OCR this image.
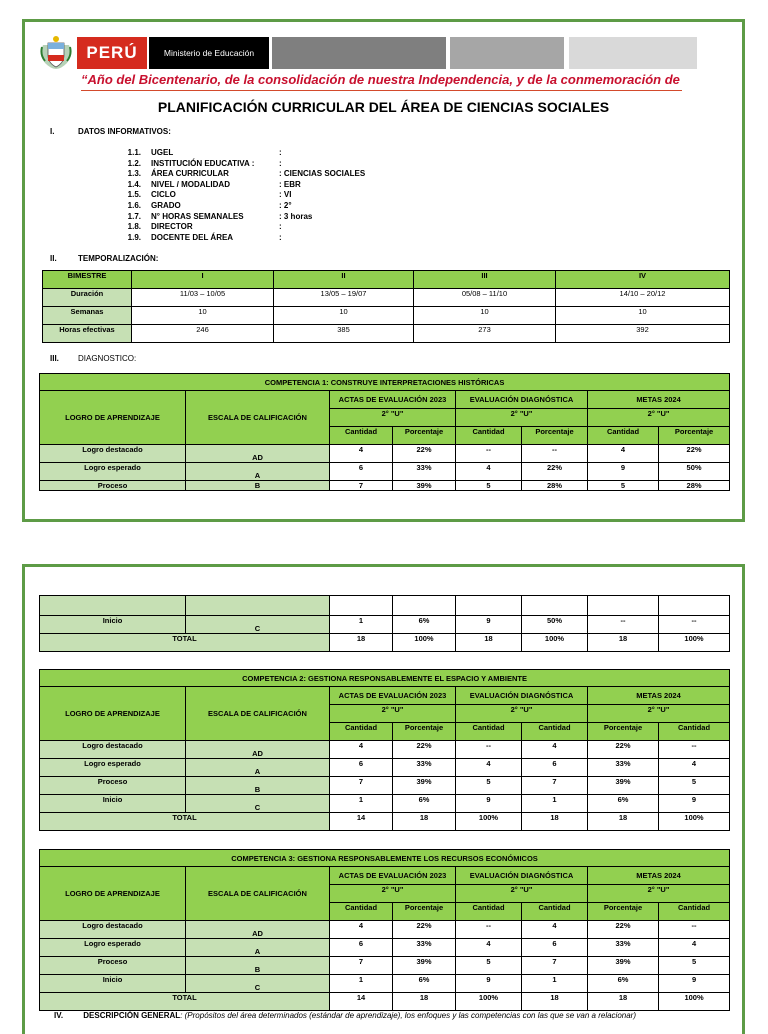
PERÚ	Ministerio de Educación
“Año del Bicentenario, de la consolidación de nuestra Independencia, y de la conmemoración de
PLANIFICACIÓN CURRICULAR DEL ÁREA DE CIENCIAS SOCIALES
I.	DATOS INFORMATIVOS:
1.1. UGEL	:
1.2. INSTITUCIÓN EDUCATIVA :	:
1.3. ÁREA CURRICULAR	: CIENCIAS SOCIALES
1.4. NIVEL / MODALIDAD	: EBR
1.5. CICLO	: VI
1.6. GRADO	: 2°
1.7. N° HORAS SEMANALES	: 3 horas
1.8. DIRECTOR	:
1.9. DOCENTE DEL ÁREA	:
II.	TEMPORALIZACIÓN:
BIMESTRE	I	II	III	IV
Duración	11/03 – 10/05	13/05 – 19/07	05/08 – 11/10	14/10 – 20/12
Semanas	10	10	10	10
Horas efectivas	246	385	273	392
III. DIAGNOSTICO:
COMPETENCIA 1: CONSTRUYE INTERPRETACIONES HISTÓRICAS							
LOGRO DE APRENDIZAJE	ESCALA DE CALIFICACIÓN	ACTAS DE EVALUACIÓN 2023		EVALUACIÓN DIAGNÓSTICA		METAS 2024	
		2° "U"		2° "U"		2° "U"	
		Cantidad	Porcentaje	Cantidad	Porcentaje	Cantidad	Porcentaje
Logro destacado	AD	4	22%	--	--	4	22%
Logro esperado	A	6	33%	4	22%	9	50%
Proceso	B	7	39%	5	28%	5	28%

Inicio	C	1	6%	9	50%	--	--
TOTAL		18	100%	18	100%	18	100%
COMPETENCIA 2: GESTIONA RESPONSABLEMENTE EL ESPACIO Y AMBIENTE							
LOGRO DE APRENDIZAJE	ESCALA DE CALIFICACIÓN	ACTAS DE EVALUACIÓN 2023		EVALUACIÓN DIAGNÓSTICA		METAS 2024	
		2° "U"		2° "U"		2° "U"	
		Cantidad	Porcentaje	Cantidad	Cantidad	Porcentaje	Cantidad
Logro destacado	AD	4	22%	--	4	22%	--
Logro esperado	A	6	33%	4	6	33%	4
Proceso	B	7	39%	5	7	39%	5
Inicio	C	1	6%	9	1	6%	9
TOTAL		14	18	100%	18	18	100%
COMPETENCIA 3: GESTIONA RESPONSABLEMENTE LOS RECURSOS ECONÓMICOS							
LOGRO DE APRENDIZAJE	ESCALA DE CALIFICACIÓN	ACTAS DE EVALUACIÓN 2023		EVALUACIÓN DIAGNÓSTICA		METAS 2024	
		2° "U"		2° "U"		2° "U"	
		Cantidad	Porcentaje	Cantidad	Cantidad	Porcentaje	Cantidad
Logro destacado	AD	4	22%	--	4	22%	--
Logro esperado	A	6	33%	4	6	33%	4
Proceso	B	7	39%	5	7	39%	5
Inicio	C	1	6%	9	1	6%	9
TOTAL		14	18	100%	18	18	100%
IV.	DESCRIPCIÓN GENERAL: (Propósitos del área determinados (estándar de aprendizaje), los enfoques y las competencias con las que se van a relacionar)
